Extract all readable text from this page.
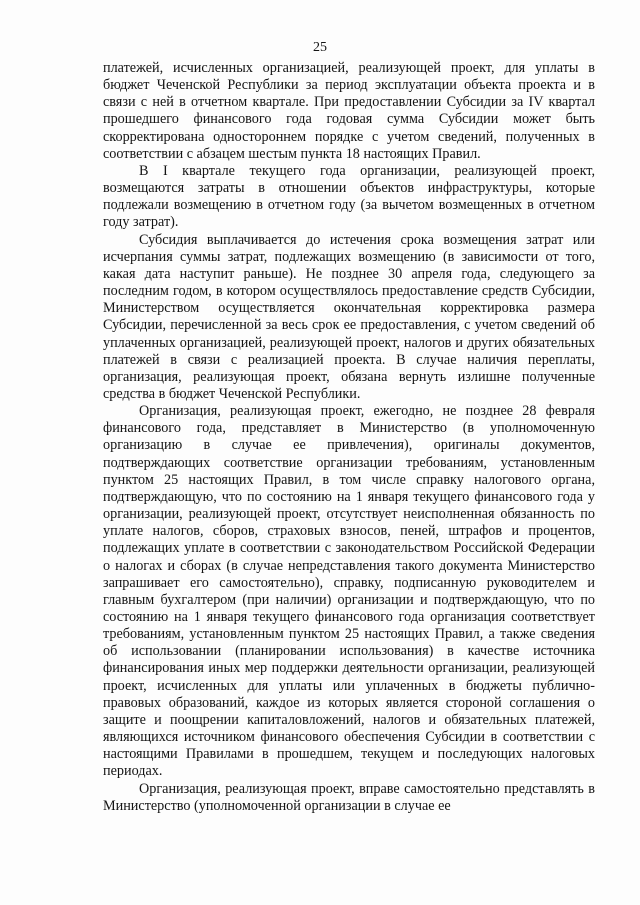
25

платежей, исчисленных организацией, реализующей проект, для уплаты в бюджет Чеченской Республики за период эксплуатации объекта проекта и в связи с ней в отчетном квартале. При предоставлении Субсидии за IV квартал прошедшего финансового года годовая сумма Субсидии может быть скорректирована одностороннем порядке с учетом сведений, полученных в соответствии с абзацем шестым пункта 18 настоящих Правил.

В I квартале текущего года организации, реализующей проект, возмещаются затраты в отношении объектов инфраструктуры, которые подлежали возмещению в отчетном году (за вычетом возмещенных в отчетном году затрат).

Субсидия выплачивается до истечения срока возмещения затрат или исчерпания суммы затрат, подлежащих возмещению (в зависимости от того, какая дата наступит раньше). Не позднее 30 апреля года, следующего за последним годом, в котором осуществлялось предоставление средств Субсидии, Министерством осуществляется окончательная корректировка размера Субсидии, перечисленной за весь срок ее предоставления, с учетом сведений об уплаченных организацией, реализующей проект, налогов и других обязательных платежей в связи с реализацией проекта. В случае наличия переплаты, организация, реализующая проект, обязана вернуть излишне полученные средства в бюджет Чеченской Республики.

Организация, реализующая проект, ежегодно, не позднее 28 февраля финансового года, представляет в Министерство (в уполномоченную организацию в случае ее привлечения), оригиналы документов, подтверждающих соответствие организации требованиям, установленным пунктом 25 настоящих Правил, в том числе справку налогового органа, подтверждающую, что по состоянию на 1 января текущего финансового года у организации, реализующей проект, отсутствует неисполненная обязанность по уплате налогов, сборов, страховых взносов, пеней, штрафов и процентов, подлежащих уплате в соответствии с законодательством Российской Федерации о налогах и сборах (в случае непредставления такого документа Министерство запрашивает его самостоятельно), справку, подписанную руководителем и главным бухгалтером (при наличии) организации и подтверждающую, что по состоянию на 1 января текущего финансового года организация соответствует требованиям, установленным пунктом 25 настоящих Правил, а также сведения об использовании (планировании использования) в качестве источника финансирования иных мер поддержки деятельности организации, реализующей проект, исчисленных для уплаты или уплаченных в бюджеты публично-правовых образований, каждое из которых является стороной соглашения о защите и поощрении капиталовложений, налогов и обязательных платежей, являющихся источником финансового обеспечения Субсидии в соответствии с настоящими Правилами в прошедшем, текущем и последующих налоговых периодах.

Организация, реализующая проект, вправе самостоятельно представлять в Министерство (уполномоченной организации в случае ее
